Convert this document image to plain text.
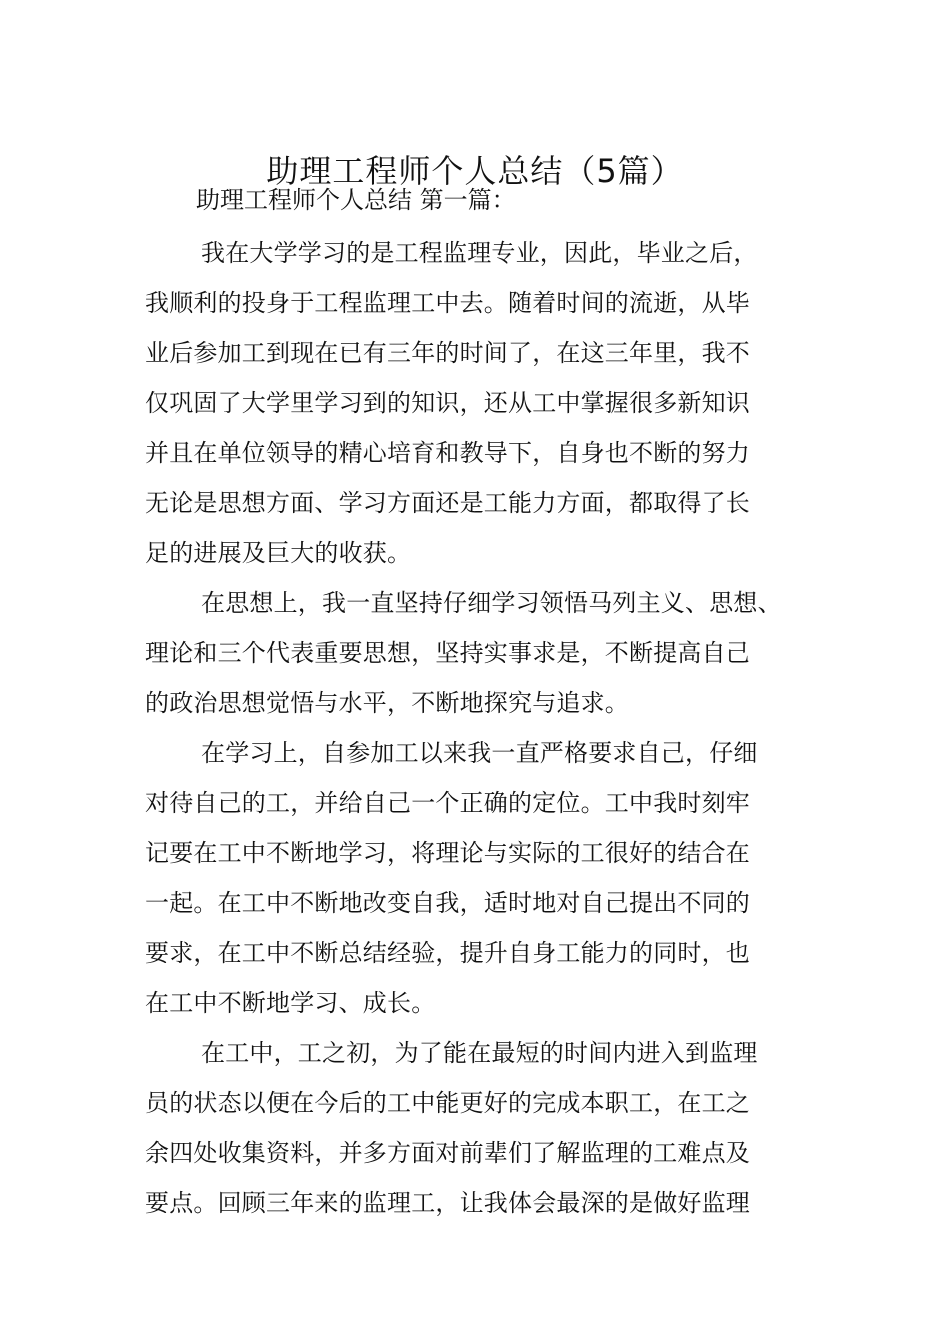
助理工程师个人总结（5篇）
助理工程师个人总结 第一篇：

我在大学学习的是工程监理专业，因此，毕业之后，
我顺利的投身于工程监理工中去。随着时间的流逝，从毕
业后参加工到现在已有三年的时间了，在这三年里，我不
仅巩固了大学里学习到的知识，还从工中掌握很多新知识
并且在单位领导的精心培育和教导下，自身也不断的努力
无论是思想方面、学习方面还是工能力方面，都取得了长
足的进展及巨大的收获。

在思想上，我一直坚持仔细学习领悟马列主义、思想、
理论和三个代表重要思想，坚持实事求是，不断提高自己
的政治思想觉悟与水平，不断地探究与追求。

在学习上，自参加工以来我一直严格要求自己，仔细
对待自己的工，并给自己一个正确的定位。工中我时刻牢
记要在工中不断地学习，将理论与实际的工很好的结合在
一起。在工中不断地改变自我，适时地对自己提出不同的
要求，在工中不断总结经验，提升自身工能力的同时，也
在工中不断地学习、成长。

在工中，工之初，为了能在最短的时间内进入到监理
员的状态以便在今后的工中能更好的完成本职工，在工之
余四处收集资料，并多方面对前辈们了解监理的工难点及
要点。回顾三年来的监理工，让我体会最深的是做好监理
